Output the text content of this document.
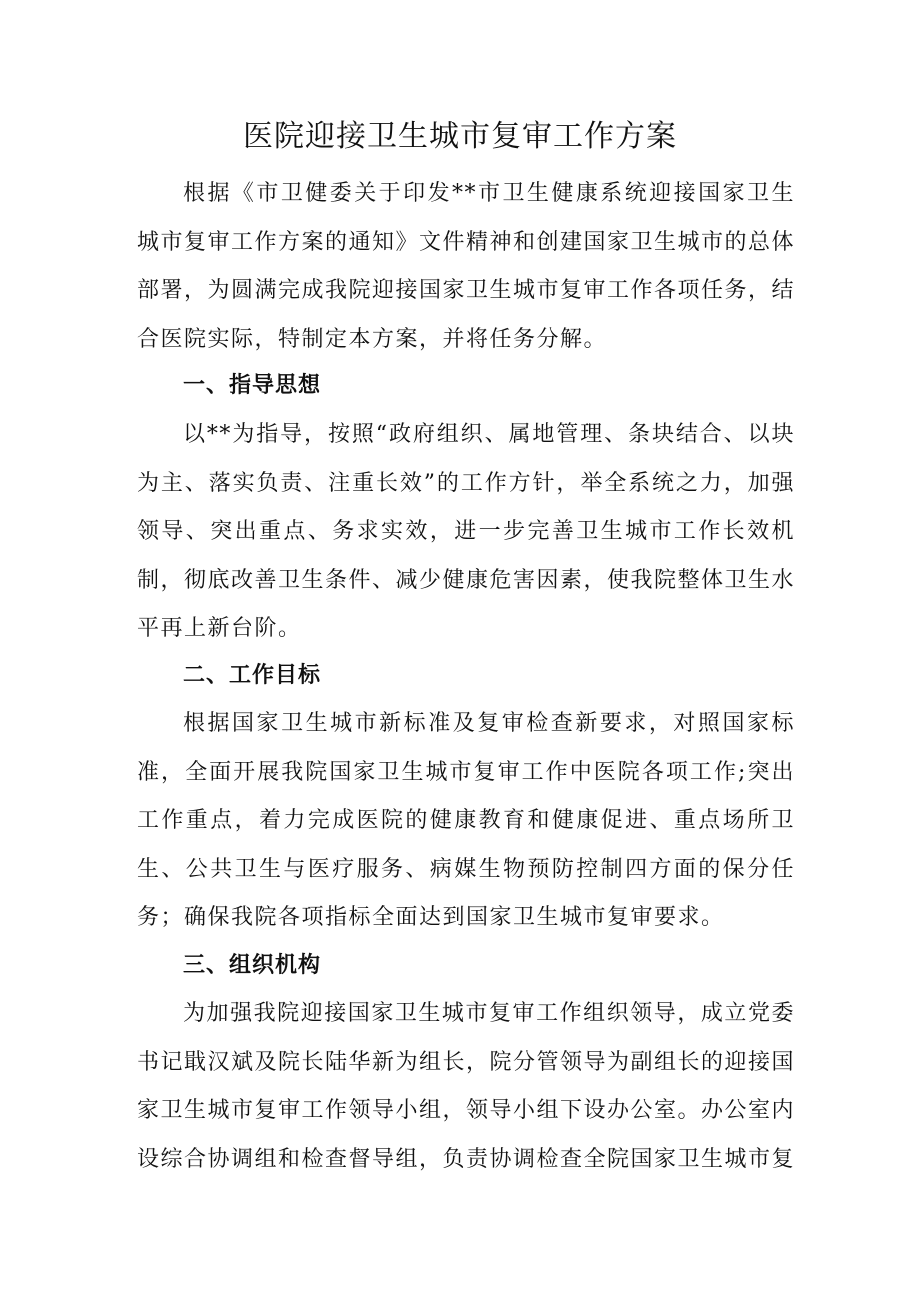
医院迎接卫生城市复审工作方案

根据《市卫健委关于印发**市卫生健康系统迎接国家卫生城市复审工作方案的通知》文件精神和创建国家卫生城市的总体部署，为圆满完成我院迎接国家卫生城市复审工作各项任务，结合医院实际，特制定本方案，并将任务分解。

一、指导思想

以**为指导，按照“政府组织、属地管理、条块结合、以块为主、落实负责、注重长效”的工作方针，举全系统之力，加强领导、突出重点、务求实效，进一步完善卫生城市工作长效机制，彻底改善卫生条件、减少健康危害因素，使我院整体卫生水平再上新台阶。

二、工作目标

根据国家卫生城市新标准及复审检查新要求，对照国家标准，全面开展我院国家卫生城市复审工作中医院各项工作;突出工作重点，着力完成医院的健康教育和健康促进、重点场所卫生、公共卫生与医疗服务、病媒生物预防控制四方面的保分任务；确保我院各项指标全面达到国家卫生城市复审要求。

三、组织机构

为加强我院迎接国家卫生城市复审工作组织领导，成立党委书记戢汉斌及院长陆华新为组长，院分管领导为副组长的迎接国家卫生城市复审工作领导小组，领导小组下设办公室。办公室内设综合协调组和检查督导组，负责协调检查全院国家卫生城市复
